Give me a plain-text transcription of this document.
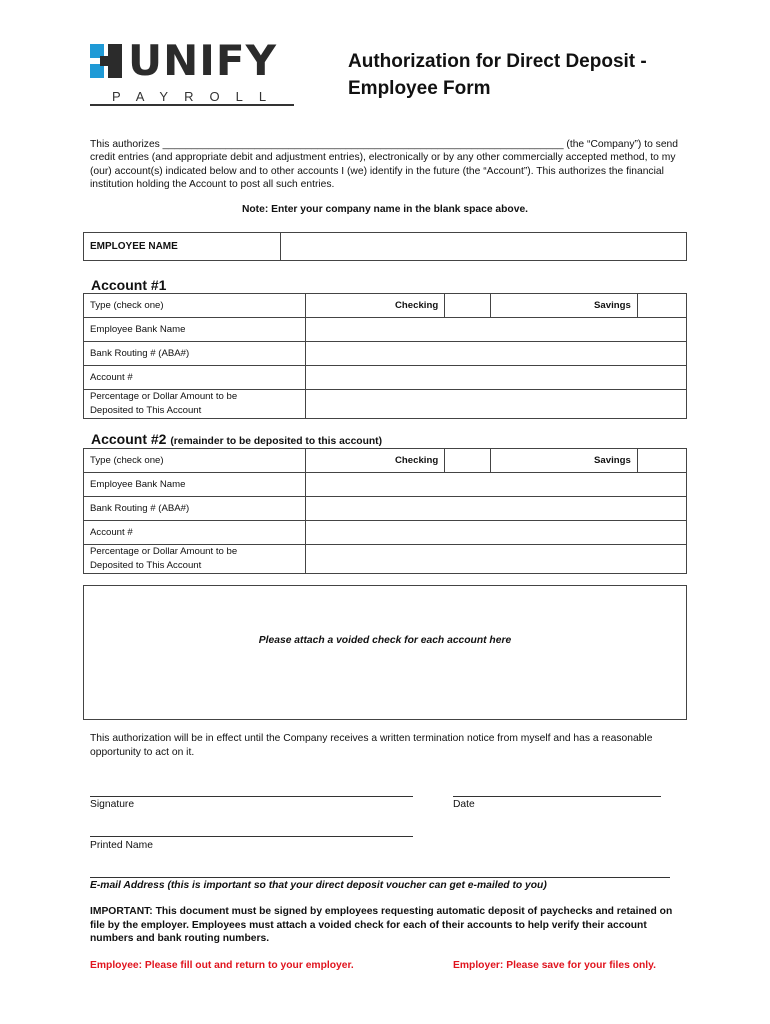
UNIFY
PAYROLL
Authorization for Direct Deposit -
Employee Form
This authorizes ______________________________________________________________________ (the “Company”) to send credit entries (and appropriate debit and adjustment entries), electronically or by any other commercially accepted method, to my (our) account(s) indicated below and to other accounts I (we) identify in the future (the “Account”). This authorizes the financial institution holding the Account to post all such entries.
Note: Enter your company name in the blank space above.
EMPLOYEE NAME	
Account #1
Type (check one)	Checking		Savings	
Employee Bank Name				
Bank Routing # (ABA#)				
Account #				

Percentage or Dollar Amount to be
Deposited to This Account				

Account #2 (remainder to be deposited to this account)
Type (check one)	Checking		Savings	
Employee Bank Name				
Bank Routing # (ABA#)				
Account #				

Percentage or Dollar Amount to be
Deposited to This Account				

Please attach a voided check for each account here
This authorization will be in effect until the Company receives a written termination notice from myself and has a reasonable opportunity to act on it.
Signature	Date
Printed Name
E-mail Address (this is important so that your direct deposit voucher can get e-mailed to you)
IMPORTANT: This document must be signed by employees requesting automatic deposit of paychecks and retained on file by the employer. Employees must attach a voided check for each of their accounts to help verify their account numbers and bank routing numbers.
Employee: Please fill out and return to your employer.	Employer: Please save for your files only.
